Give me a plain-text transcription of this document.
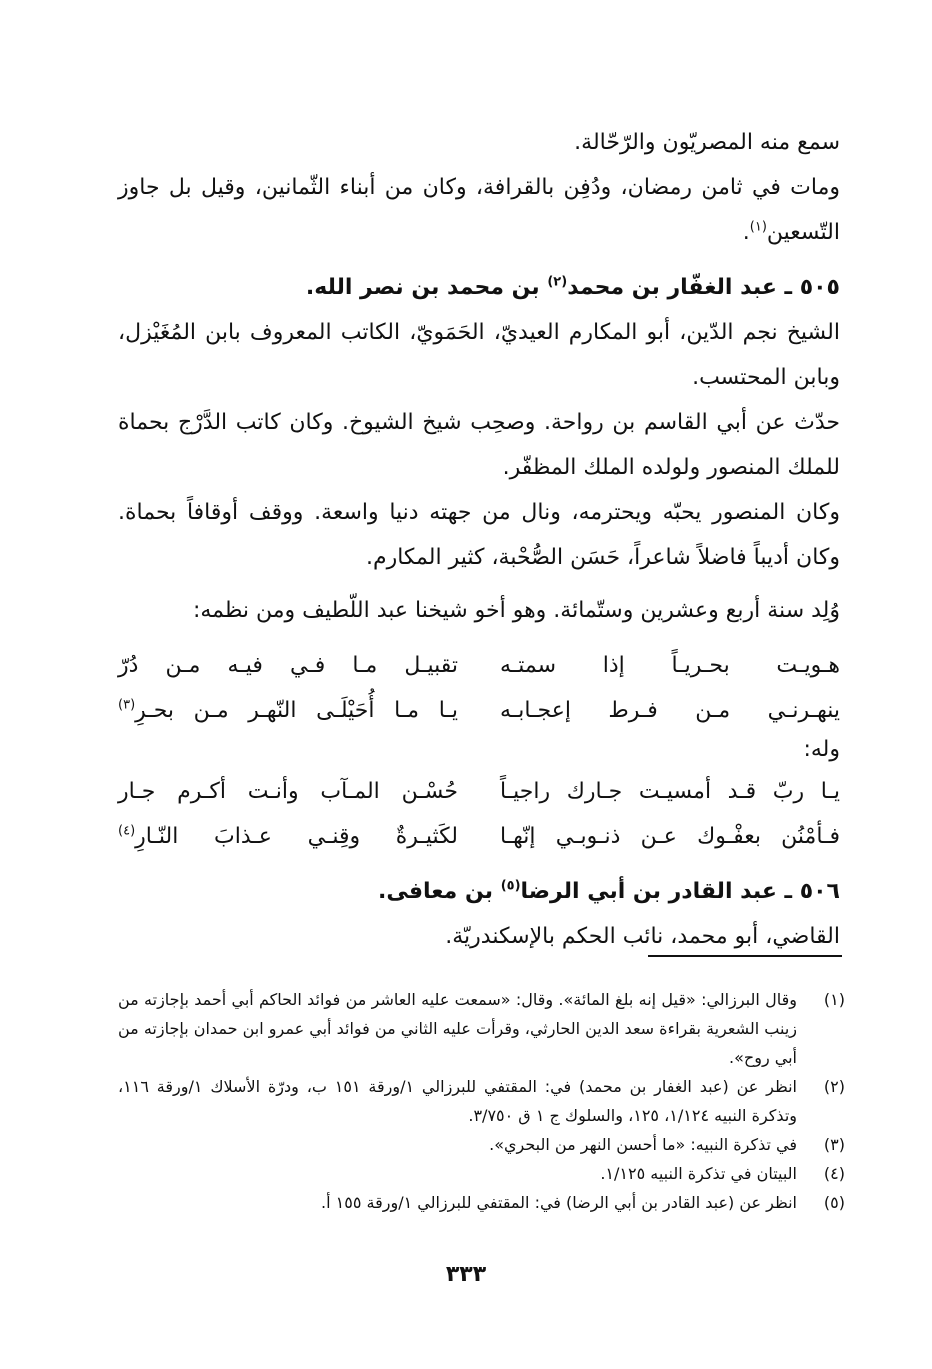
سمع منه المصريّون والرّحّالة.

ومات في ثامن رمضان، ودُفِن بالقرافة، وكان من أبناء الثّمانين، وقيل بل جاوز التّسعين$^{(١)}$.

٥٠٥ ـ عبد الغفّار بن محمد$^{(٢)}$ بن محمد بن نصر الله.

الشيخ نجم الدّين، أبو المكارم العيديّ، الحَمَويّ، الكاتب المعروف بابن المُغَيْزل، وبابن المحتسب.

حدّث عن أبي القاسم بن رواحة. وصحِب شيخ الشيوخ. وكان كاتب الدَّرْج بحماة للملك المنصور ولولده الملك المظفّر.

وكان المنصور يحبّه ويحترمه، ونال من جهته دنيا واسعة. ووقف أوقافاً بحماة. وكان أديباً فاضلاً شاعراً، حَسَن الصُّحْبة، كثير المكارم.

وُلِد سنة أربع وعشرين وستّمائة. وهو أخو شيخنا عبد اللّطيف ومن نظمه:

هـويـت بحـريـاً إذا سمتـه
تقبيـل مـا فـي فيـه مـن دُرّ
ينهـرنـي مـن فـرط إعجـابـه
يـا مـا أُحَيْلَـى النّهـر مـن بحـرِ$^{(٣)}$

وله:

يـا ربّ قـد أمسيـت جـارك راجيـاً
حُسْـن المـآب وأنـت أكـرم جـار
فـأمْنُن بعفْـوك عـن ذنـوبـي إنّهـا
لكَثيـرةٌ وقِنـي عـذابَ النّـارِ$^{(٤)}$

٥٠٦ ـ عبد القادر بن أبي الرضا$^{(٥)}$ بن معافى.

القاضي، أبو محمد، نائب الحكم بالإسكندريّة.

(١)
وقال البرزالي: «قيل إنه بلغ المائة». وقال: «سمعت عليه العاشر من فوائد الحاكم أبي أحمد بإجازته من زينب الشعرية بقراءة سعد الدين الحارثي، وقرأت عليه الثاني من فوائد أبي عمرو ابن حمدان بإجازته من أبي روح».
(٢)
انظر عن (عبد الغفار بن محمد) في: المقتفي للبرزالي ١/ورقة ١٥١ ب، ودرّة الأسلاك ١/ورقة ١١٦، وتذكرة النبيه ١/١٢٤، ١٢٥، والسلوك ج ١ ق ٣/٧٥٠.
(٣)
في تذكرة النبيه: «ما أحسن النهر من البحري».
(٤)
البيتان في تذكرة النبيه ١/١٢٥.
(٥)
انظر عن (عبد القادر بن أبي الرضا) في: المقتفي للبرزالي ١/ورقة ١٥٥ أ.
٣٣٣
